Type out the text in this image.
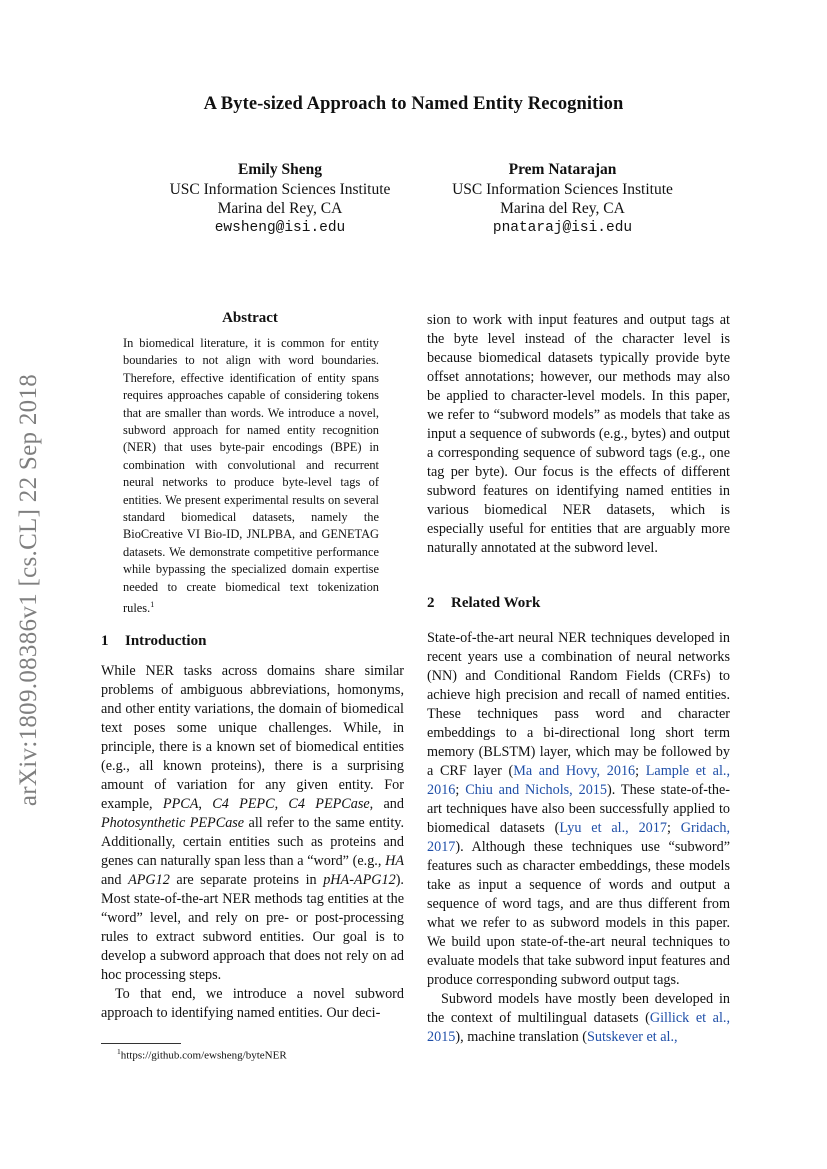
A Byte-sized Approach to Named Entity Recognition
Emily Sheng
USC Information Sciences Institute
Marina del Rey, CA
ewsheng@isi.edu
Prem Natarajan
USC Information Sciences Institute
Marina del Rey, CA
pnataraj@isi.edu
arXiv:1809.08386v1 [cs.CL] 22 Sep 2018
Abstract
In biomedical literature, it is common for entity boundaries to not align with word boundaries. Therefore, effective identification of entity spans requires approaches capable of considering tokens that are smaller than words. We introduce a novel, subword approach for named entity recognition (NER) that uses byte-pair encodings (BPE) in combination with convolutional and recurrent neural networks to produce byte-level tags of entities. We present experimental results on several standard biomedical datasets, namely the BioCreative VI Bio-ID, JNLPBA, and GENETAG datasets. We demonstrate competitive performance while bypassing the specialized domain expertise needed to create biomedical text tokenization rules.$^1$
1 Introduction

While NER tasks across domains share similar problems of ambiguous abbreviations, homonyms, and other entity variations, the domain of biomedical text poses some unique challenges. While, in principle, there is a known set of biomedical entities (e.g., all known proteins), there is a surprising amount of variation for any given entity. For example, PPCA, C4 PEPC, C4 PEPCase, and Photosynthetic PEPCase all refer to the same entity. Additionally, certain entities such as proteins and genes can naturally span less than a “word” (e.g., HA and APG12 are separate proteins in pHA-APG12). Most state-of-the-art NER methods tag entities at the “word” level, and rely on pre- or post-processing rules to extract subword entities. Our goal is to develop a subword approach that does not rely on ad hoc processing steps.

To that end, we introduce a novel subword approach to identifying named entities. Our deci-

sion to work with input features and output tags at the byte level instead of the character level is because biomedical datasets typically provide byte offset annotations; however, our methods may also be applied to character-level models. In this paper, we refer to “subword models” as models that take as input a sequence of subwords (e.g., bytes) and output a corresponding sequence of subword tags (e.g., one tag per byte). Our focus is the effects of different subword features on identifying named entities in various biomedical NER datasets, which is especially useful for entities that are arguably more naturally annotated at the subword level.

2 Related Work

State-of-the-art neural NER techniques developed in recent years use a combination of neural networks (NN) and Conditional Random Fields (CRFs) to achieve high precision and recall of named entities. These techniques pass word and character embeddings to a bi-directional long short term memory (BLSTM) layer, which may be followed by a CRF layer (Ma and Hovy, 2016; Lample et al., 2016; Chiu and Nichols, 2015). These state-of-the-art techniques have also been successfully applied to biomedical datasets (Lyu et al., 2017; Gridach, 2017). Although these techniques use “subword” features such as character embeddings, these models take as input a sequence of words and output a sequence of word tags, and are thus different from what we refer to as subword models in this paper. We build upon state-of-the-art neural techniques to evaluate models that take subword input features and produce corresponding subword output tags.

Subword models have mostly been developed in the context of multilingual datasets (Gillick et al., 2015), machine translation (Sutskever et al.,

$^1$https://github.com/ewsheng/byteNER
